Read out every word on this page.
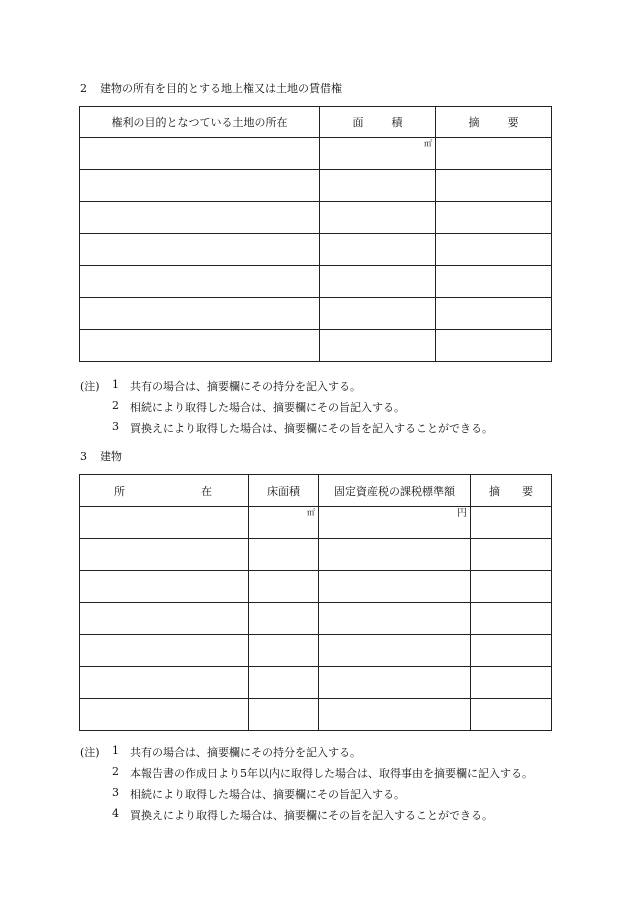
2 建物の所有を目的とする地上権又は土地の賃借権
権利の目的となつている土地の所在	面 積	摘 要

	㎡	

(注) 1 共有の場合は、摘要欄にその持分を記入する。
2 相続により取得した場合は、摘要欄にその旨記入する。
3 買換えにより取得した場合は、摘要欄にその旨を記入することができる。
3 建物
所 在	床面積	固定資産税の課税標準額	摘 要

	㎡	円	

(注) 1 共有の場合は、摘要欄にその持分を記入する。
2 本報告書の作成日より5年以内に取得した場合は、取得事由を摘要欄に記入する。
3 相続により取得した場合は、摘要欄にその旨記入する。
4 買換えにより取得した場合は、摘要欄にその旨を記入することができる。
